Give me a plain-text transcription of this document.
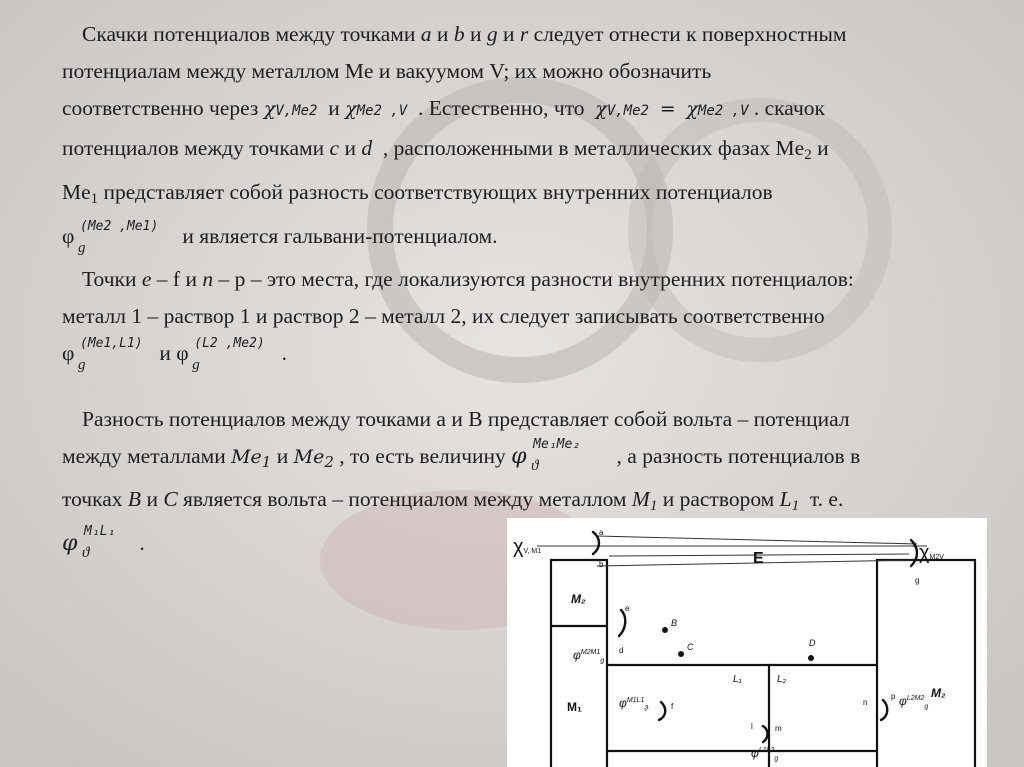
Скачки потенциалов между точками a и b и g и r следует отнести к поверхностным
потенциалам между металлом Me и вакуумом V; их можно обозначить
соответственно через χV,Me2 и χMe2 ,V . Естественно, что χV,Me2 = χMe2 ,V . скачок
потенциалов между точками c и d , расположенными в металлических фазах $Me_2$ и
$Me_1$ представляет собой разность соответствующих внутренних потенциалов
φ (Me2 ,Me1)
g	и является гальвани-потенциалом.

Точки e – f и n – p – это места, где локализуются разности внутренних потенциалов:
металл 1 – раствор 1 и раствор 2 – металл 2, их следует записывать соответственно
φ (Me1,L1)
g	и φ (L2 ,Me2)
g	.

Разность потенциалов между точками a и B представляет собой вольта – потенциал
между металлами $Me_1$ и $Me_2$ , то есть величину φ Me₁Me₂
ϑ	, а разность потенциалов в
точках B и C является вольта – потенциалом между металлом $M_1$ и раствором $L_1$ т. е.
φ M₁L₁
ϑ .	χV, M1	χM2V
E
a
b
r
g
M₂
e
d
$\varphi^{M2M1}_g$
B
C	D
L₁	L₂
M₁
M₂
$\varphi^{M1L1}_ϑ$	f	n
p $\varphi^{L2M2}_g$
l	m
$\varphi^{L1L2}_g$
